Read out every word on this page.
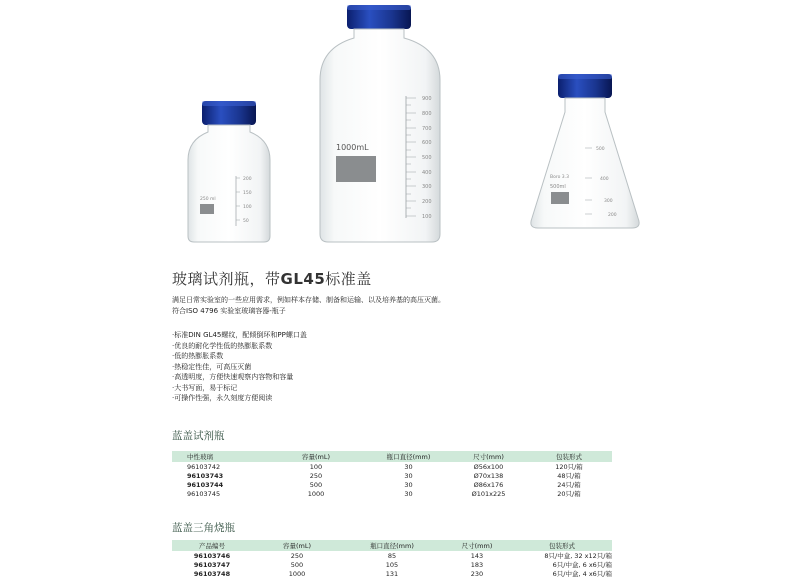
250 ml
200
150
100
50
1000mL
900
800
700
600
500
400
300
200
100
Boro 3.3
500ml
500
400
300
200
玻璃试剂瓶，带GL45标准盖
满足日常实验室的一些应用需求，例如样本存储、制备和运输、以及培养基的高压灭菌。
符合ISO 4796 实验室玻璃容器-瓶子
·标准DIN GL45螺纹，配倾倒环和PP螺口盖
·优良的耐化学性低的热膨胀系数
·低的热膨胀系数
·热稳定性佳，可高压灭菌
·高透明度，方便快速观察内容物和容量
·大书写面，易于标记
·可操作性强，永久刻度方便阅读
蓝盖试剂瓶
中性玻璃	容量(mL)	瓶口直径(mm)	尺寸(mm)	包装形式
96103742	100	30	Ø56x100	120只/箱
96103743	250	30	Ø70x138	48只/箱
96103744	500	30	Ø86x176	24只/箱
96103745	1000	30	Ø101x225	20只/箱
蓝盖三角烧瓶
产品编号	容量(mL)	瓶口直径(mm)	尺寸(mm)	包装形式
96103746	250	85	143	8只/中盒, 32 x12只/箱
96103747	500	105	183	6只/中盒, 6 x6只/箱
96103748	1000	131	230	6只/中盒, 4 x6只/箱
